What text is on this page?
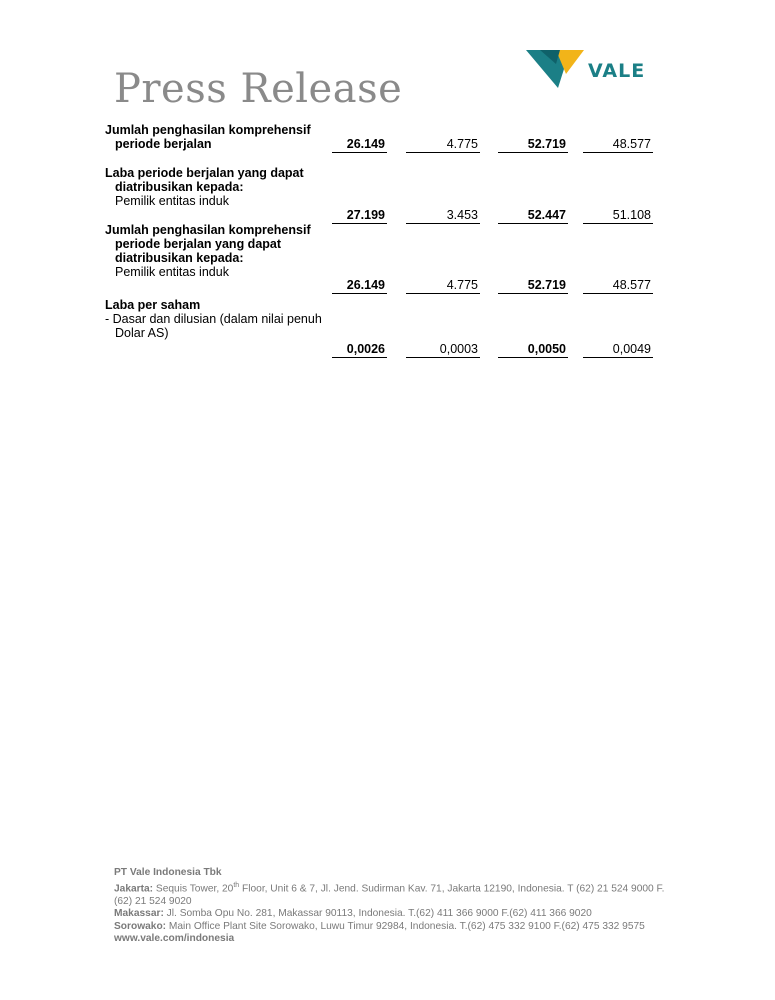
Press Release	VALE
Jumlah penghasilan komprehensif
periode berjalan	26.149	4.775	52.719	48.577
Laba periode berjalan yang dapat
diatribusikan kepada:
Pemilik entitas induk
27.199	3.453	52.447	51.108
Jumlah penghasilan komprehensif
periode berjalan yang dapat
diatribusikan kepada:
Pemilik entitas induk
26.149	4.775	52.719	48.577
Laba per saham
- Dasar dan dilusian (dalam nilai penuh
Dolar AS)
0,0026	0,0003	0,0050	0,0049
PT Vale Indonesia Tbk
Jakarta: Sequis Tower, 20th Floor, Unit 6 & 7, Jl. Jend. Sudirman Kav. 71, Jakarta 12190, Indonesia. T (62) 21 524 9000 F.(62) 21 524 9020
Makassar: Jl. Somba Opu No. 281, Makassar 90113, Indonesia. T.(62) 411 366 9000 F.(62) 411 366 9020
Sorowako: Main Office Plant Site Sorowako, Luwu Timur 92984, Indonesia. T.(62) 475 332 9100 F.(62) 475 332 9575
www.vale.com/indonesia
